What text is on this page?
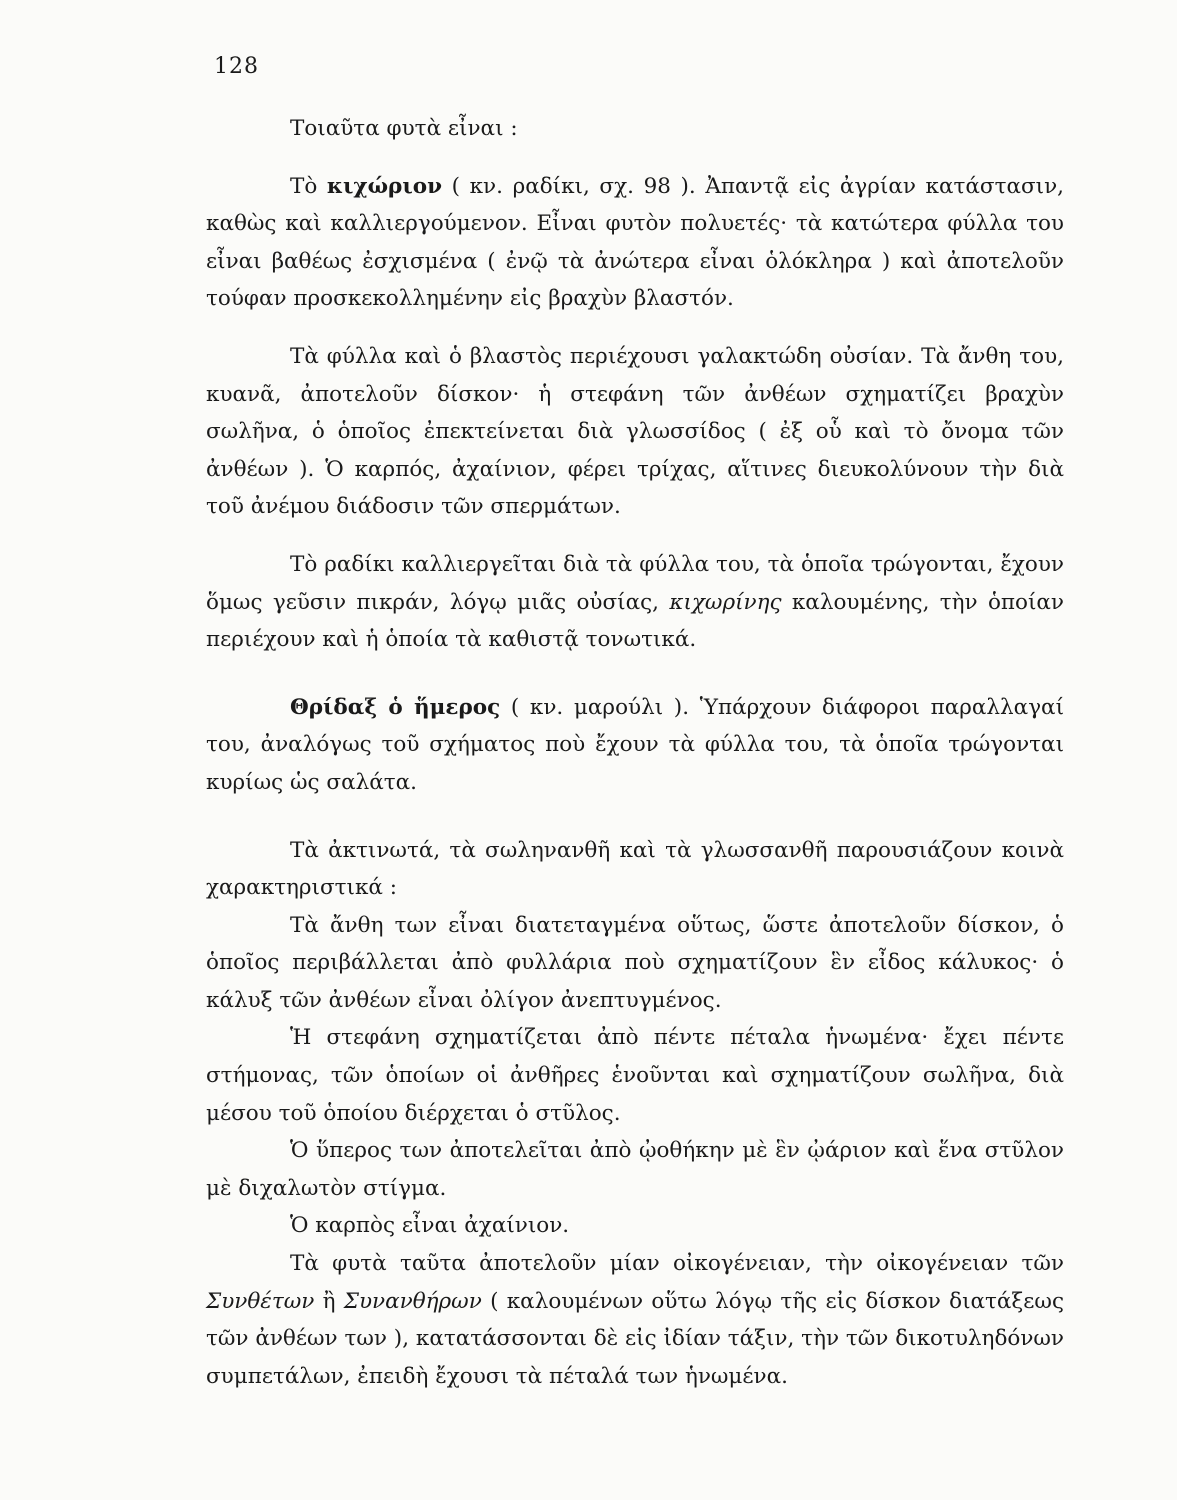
128

Τοιαῦτα φυτὰ εἶναι :

Τὸ κιχώριον ( κν. ραδίκι, σχ. 98 ). Ἀπαντᾷ εἰς ἀγρίαν κατάστασιν, καθὼς καὶ καλλιεργούμενον. Εἶναι φυτὸν πολυετές· τὰ κατώτερα φύλλα του εἶναι βαθέως ἐσχισμένα ( ἐνῷ τὰ ἀνώτερα εἶναι ὁλόκληρα ) καὶ ἀποτελοῦν τούφαν προσκεκολλημένην εἰς βραχὺν βλαστόν.

Τὰ φύλλα καὶ ὁ βλαστὸς περιέχουσι γαλακτώδη οὐσίαν. Τὰ ἄνθη του, κυανᾶ, ἀποτελοῦν δίσκον· ἡ στεφάνη τῶν ἀνθέων σχηματίζει βραχὺν σωλῆνα, ὁ ὁποῖος ἐπεκτείνεται διὰ γλωσσίδος ( ἐξ οὗ καὶ τὸ ὄνομα τῶν ἀνθέων ). Ὁ καρπός, ἀχαίνιον, φέρει τρίχας, αἵτινες διευκολύνουν τὴν διὰ τοῦ ἀνέμου διάδοσιν τῶν σπερμάτων.

Τὸ ραδίκι καλλιεργεῖται διὰ τὰ φύλλα του, τὰ ὁποῖα τρώγονται, ἔχουν ὅμως γεῦσιν πικράν, λόγῳ μιᾶς οὐσίας, κιχωρίνης καλουμένης, τὴν ὁποίαν περιέχουν καὶ ἡ ὁποία τὰ καθιστᾷ τονωτικά.

Θρίδαξ ὁ ἥμερος ( κν. μαρούλι ). Ὑπάρχουν διάφοροι παραλλαγαί του, ἀναλόγως τοῦ σχήματος ποὺ ἔχουν τὰ φύλλα του, τὰ ὁποῖα τρώγονται κυρίως ὡς σαλάτα.

Τὰ ἀκτινωτά, τὰ σωληνανθῆ καὶ τὰ γλωσσανθῆ παρουσιάζουν κοινὰ χαρακτηριστικά :

Τὰ ἄνθη των εἶναι διατεταγμένα οὕτως, ὥστε ἀποτελοῦν δίσκον, ὁ ὁποῖος περιβάλλεται ἀπὸ φυλλάρια ποὺ σχηματίζουν ἓν εἶδος κάλυκος· ὁ κάλυξ τῶν ἀνθέων εἶναι ὀλίγον ἀνεπτυγμένος.

Ἡ στεφάνη σχηματίζεται ἀπὸ πέντε πέταλα ἡνωμένα· ἔχει πέντε στήμονας, τῶν ὁποίων οἱ ἀνθῆρες ἑνοῦνται καὶ σχηματίζουν σωλῆνα, διὰ μέσου τοῦ ὁποίου διέρχεται ὁ στῦλος.

Ὁ ὕπερος των ἀποτελεῖται ἀπὸ ᾠοθήκην μὲ ἓν ᾠάριον καὶ ἕνα στῦλον μὲ διχαλωτὸν στίγμα.

Ὁ καρπὸς εἶναι ἀχαίνιον.

Τὰ φυτὰ ταῦτα ἀποτελοῦν μίαν οἰκογένειαν, τὴν οἰκογένειαν τῶν Συνθέτων ἢ Συνανθήρων ( καλουμένων οὕτω λόγῳ τῆς εἰς δίσκον διατάξεως τῶν ἀνθέων των ), κατατάσσονται δὲ εἰς ἰδίαν τάξιν, τὴν τῶν δικοτυληδόνων συμπετάλων, ἐπειδὴ ἔχουσι τὰ πέταλά των ἡνωμένα.
